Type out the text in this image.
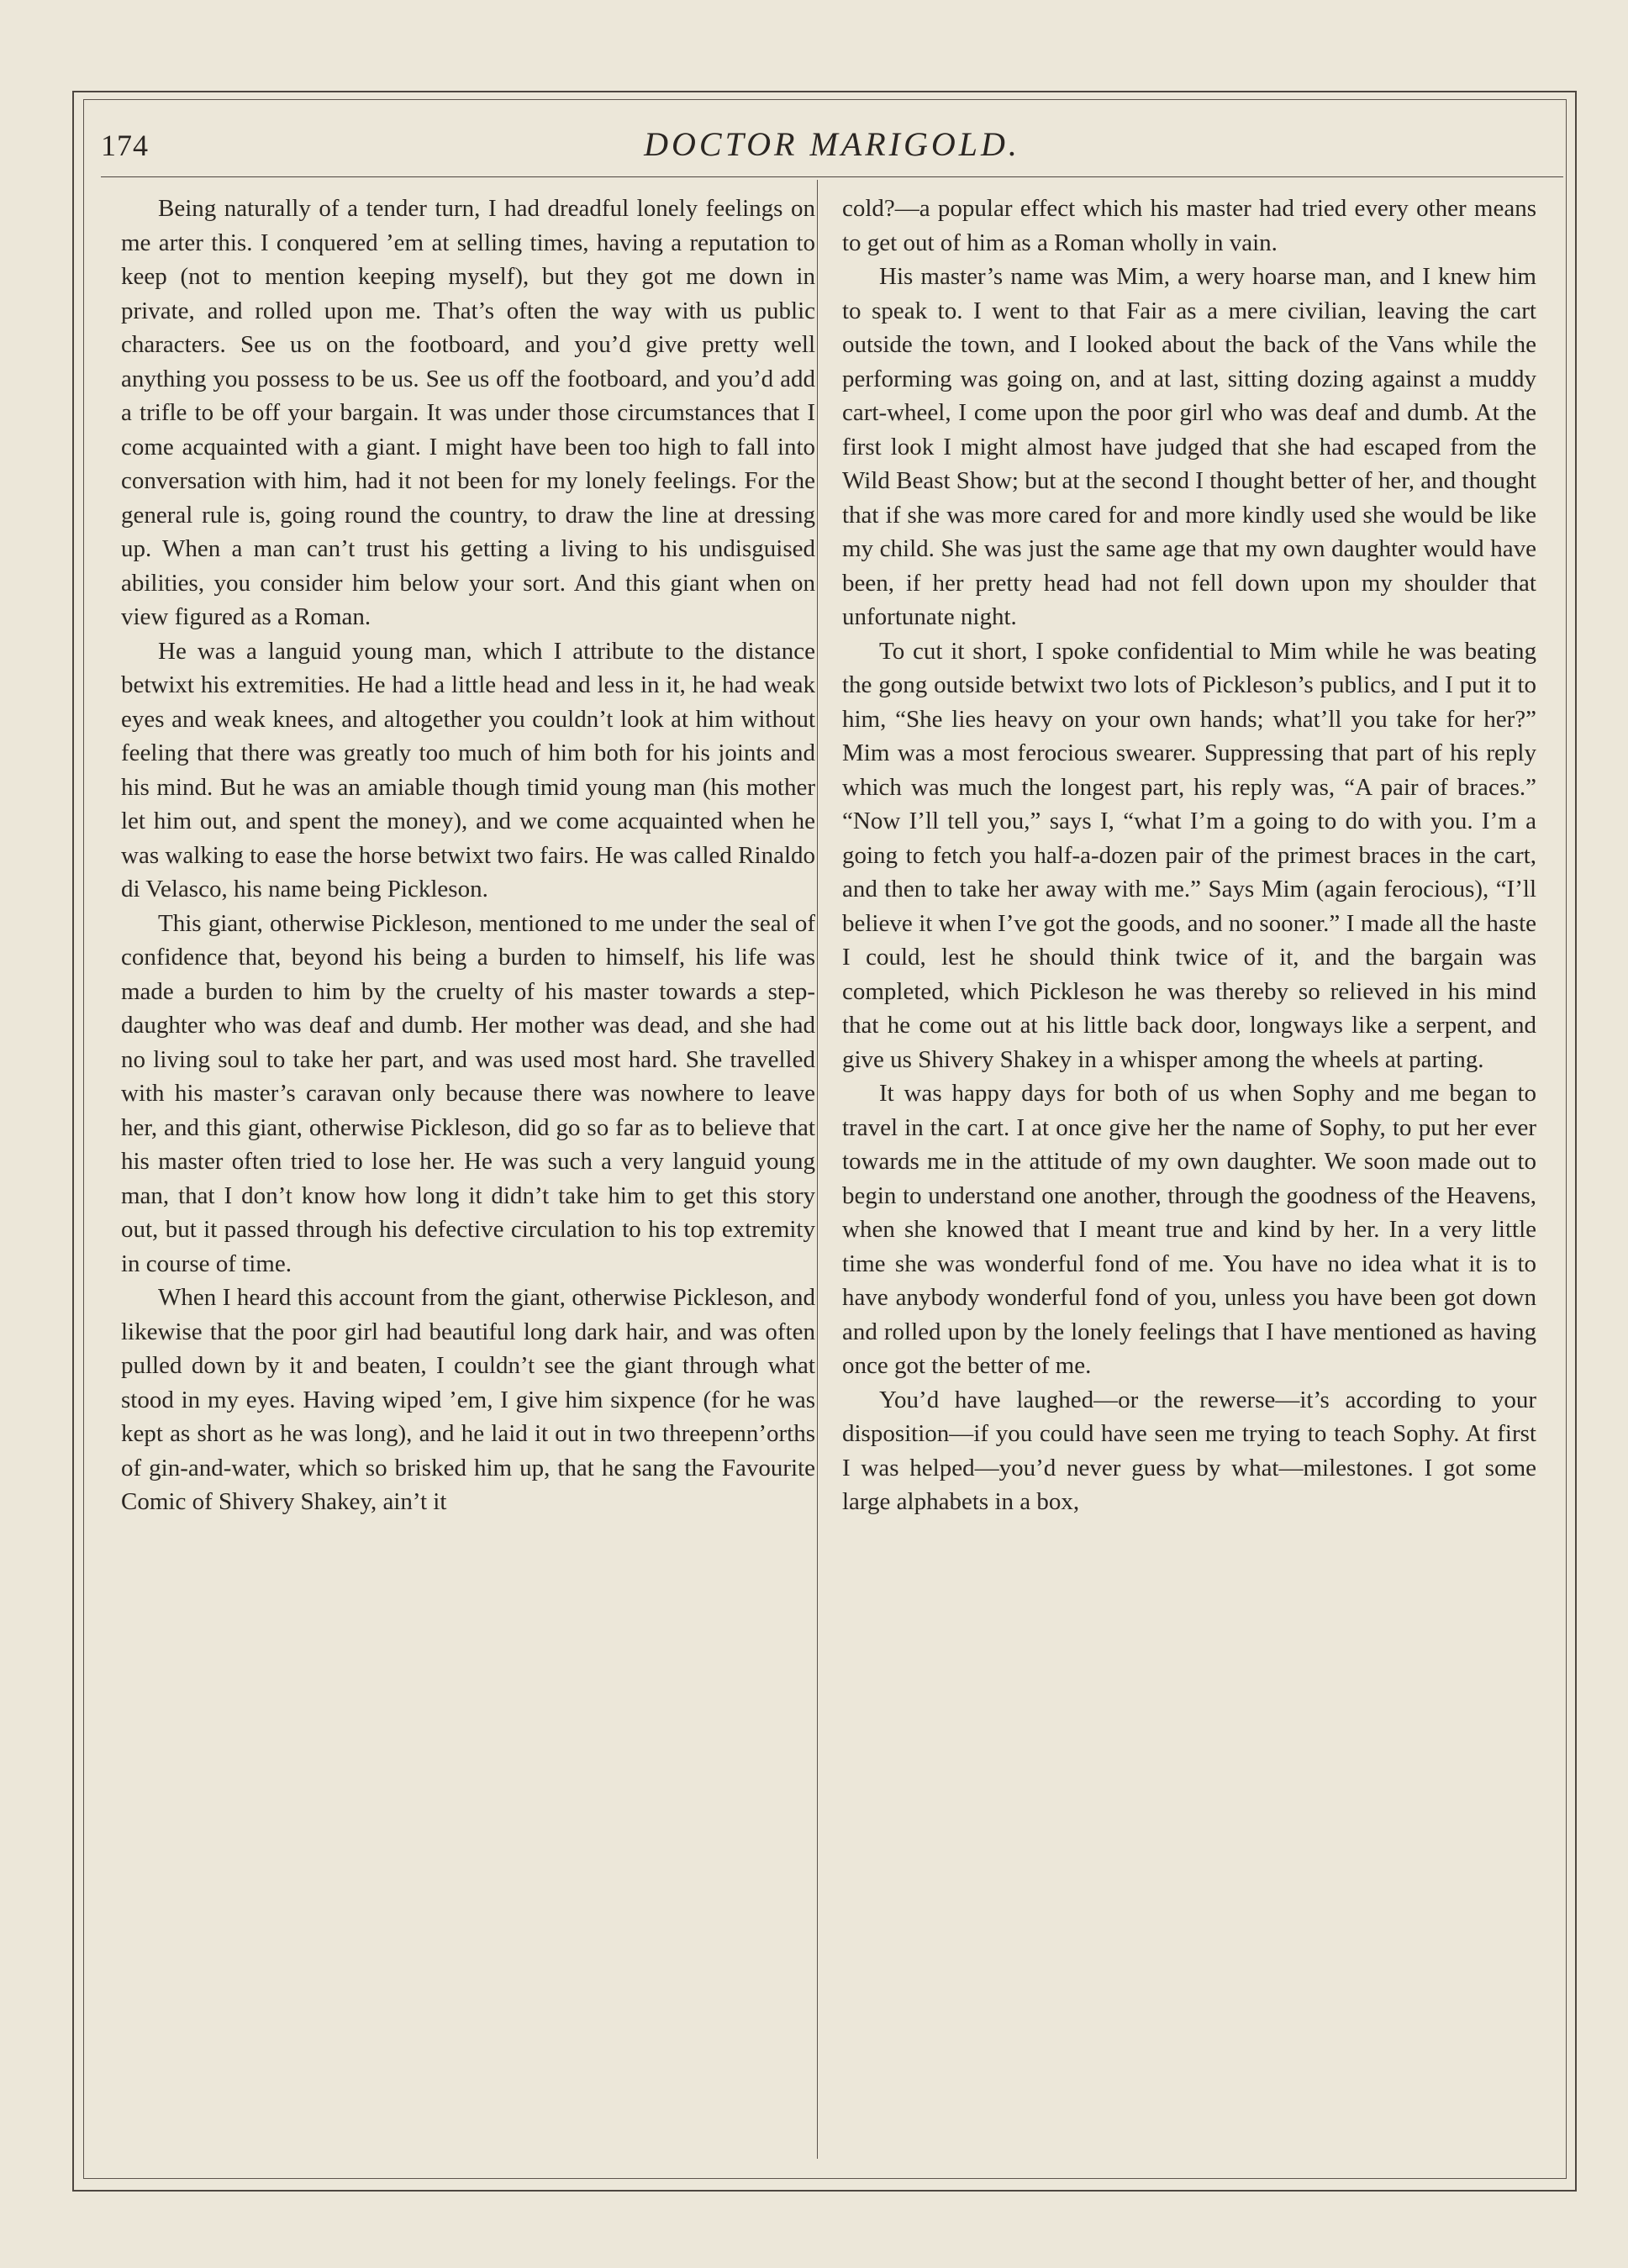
174	DOCTOR MARIGOLD.

Being naturally of a tender turn, I had dreadful lonely feelings on me arter this. I conquered ’em at selling times, having a reputation to keep (not to mention keeping myself), but they got me down in private, and rolled upon me. That’s often the way with us public characters. See us on the footboard, and you’d give pretty well anything you possess to be us. See us off the footboard, and you’d add a trifle to be off your bargain. It was under those circumstances that I come acquainted with a giant. I might have been too high to fall into conversation with him, had it not been for my lonely feelings. For the general rule is, going round the country, to draw the line at dressing up. When a man can’t trust his getting a living to his undisguised abilities, you consider him below your sort. And this giant when on view figured as a Roman.

He was a languid young man, which I attribute to the distance betwixt his extremities. He had a little head and less in it, he had weak eyes and weak knees, and altogether you couldn’t look at him without feeling that there was greatly too much of him both for his joints and his mind. But he was an amiable though timid young man (his mother let him out, and spent the money), and we come acquainted when he was walking to ease the horse betwixt two fairs. He was called Rinaldo di Velasco, his name being Pickleson.

This giant, otherwise Pickleson, mentioned to me under the seal of confidence that, beyond his being a burden to himself, his life was made a burden to him by the cruelty of his master towards a step-daughter who was deaf and dumb. Her mother was dead, and she had no living soul to take her part, and was used most hard. She travelled with his master’s caravan only because there was nowhere to leave her, and this giant, otherwise Pickleson, did go so far as to believe that his master often tried to lose her. He was such a very languid young man, that I don’t know how long it didn’t take him to get this story out, but it passed through his defective circulation to his top extremity in course of time.

When I heard this account from the giant, otherwise Pickleson, and likewise that the poor girl had beautiful long dark hair, and was often pulled down by it and beaten, I couldn’t see the giant through what stood in my eyes. Having wiped ’em, I give him sixpence (for he was kept as short as he was long), and he laid it out in two threepenn’orths of gin-and-water, which so brisked him up, that he sang the Favourite Comic of Shivery Shakey, ain’t it

cold?—a popular effect which his master had tried every other means to get out of him as a Roman wholly in vain.

His master’s name was Mim, a wery hoarse man, and I knew him to speak to. I went to that Fair as a mere civilian, leaving the cart outside the town, and I looked about the back of the Vans while the performing was going on, and at last, sitting dozing against a muddy cart-wheel, I come upon the poor girl who was deaf and dumb. At the first look I might almost have judged that she had escaped from the Wild Beast Show; but at the second I thought better of her, and thought that if she was more cared for and more kindly used she would be like my child. She was just the same age that my own daughter would have been, if her pretty head had not fell down upon my shoulder that unfortunate night.

To cut it short, I spoke confidential to Mim while he was beating the gong outside betwixt two lots of Pickleson’s publics, and I put it to him, “She lies heavy on your own hands; what’ll you take for her?” Mim was a most ferocious swearer. Suppressing that part of his reply which was much the longest part, his reply was, “A pair of braces.” “Now I’ll tell you,” says I, “what I’m a going to do with you. I’m a going to fetch you half-a-dozen pair of the primest braces in the cart, and then to take her away with me.” Says Mim (again ferocious), “I’ll believe it when I’ve got the goods, and no sooner.” I made all the haste I could, lest he should think twice of it, and the bargain was completed, which Pickleson he was thereby so relieved in his mind that he come out at his little back door, longways like a serpent, and give us Shivery Shakey in a whisper among the wheels at parting.

It was happy days for both of us when Sophy and me began to travel in the cart. I at once give her the name of Sophy, to put her ever towards me in the attitude of my own daughter. We soon made out to begin to understand one another, through the goodness of the Heavens, when she knowed that I meant true and kind by her. In a very little time she was wonderful fond of me. You have no idea what it is to have anybody wonderful fond of you, unless you have been got down and rolled upon by the lonely feelings that I have mentioned as having once got the better of me.

You’d have laughed—or the rewerse—it’s according to your disposition—if you could have seen me trying to teach Sophy. At first I was helped—you’d never guess by what—milestones. I got some large alphabets in a box,
